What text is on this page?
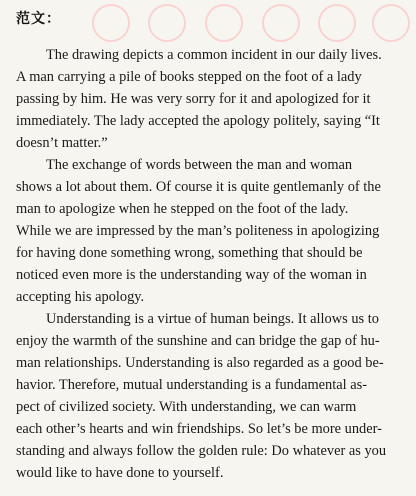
范文：
The drawing depicts a common incident in our daily lives.
A man carrying a pile of books stepped on the foot of a lady
passing by him. He was very sorry for it and apologized for it
immediately. The lady accepted the apology politely, saying “It
doesn’t matter.”
The exchange of words between the man and woman
shows a lot about them. Of course it is quite gentlemanly of the
man to apologize when he stepped on the foot of the lady.
While we are impressed by the man’s politeness in apologizing
for having done something wrong, something that should be
noticed even more is the understanding way of the woman in
accepting his apology.
Understanding is a virtue of human beings. It allows us to
enjoy the warmth of the sunshine and can bridge the gap of hu-
man relationships. Understanding is also regarded as a good be-
havior. Therefore, mutual understanding is a fundamental as-
pect of civilized society. With understanding, we can warm
each other’s hearts and win friendships. So let’s be more under-
standing and always follow the golden rule: Do whatever as you
would like to have done to yourself.
